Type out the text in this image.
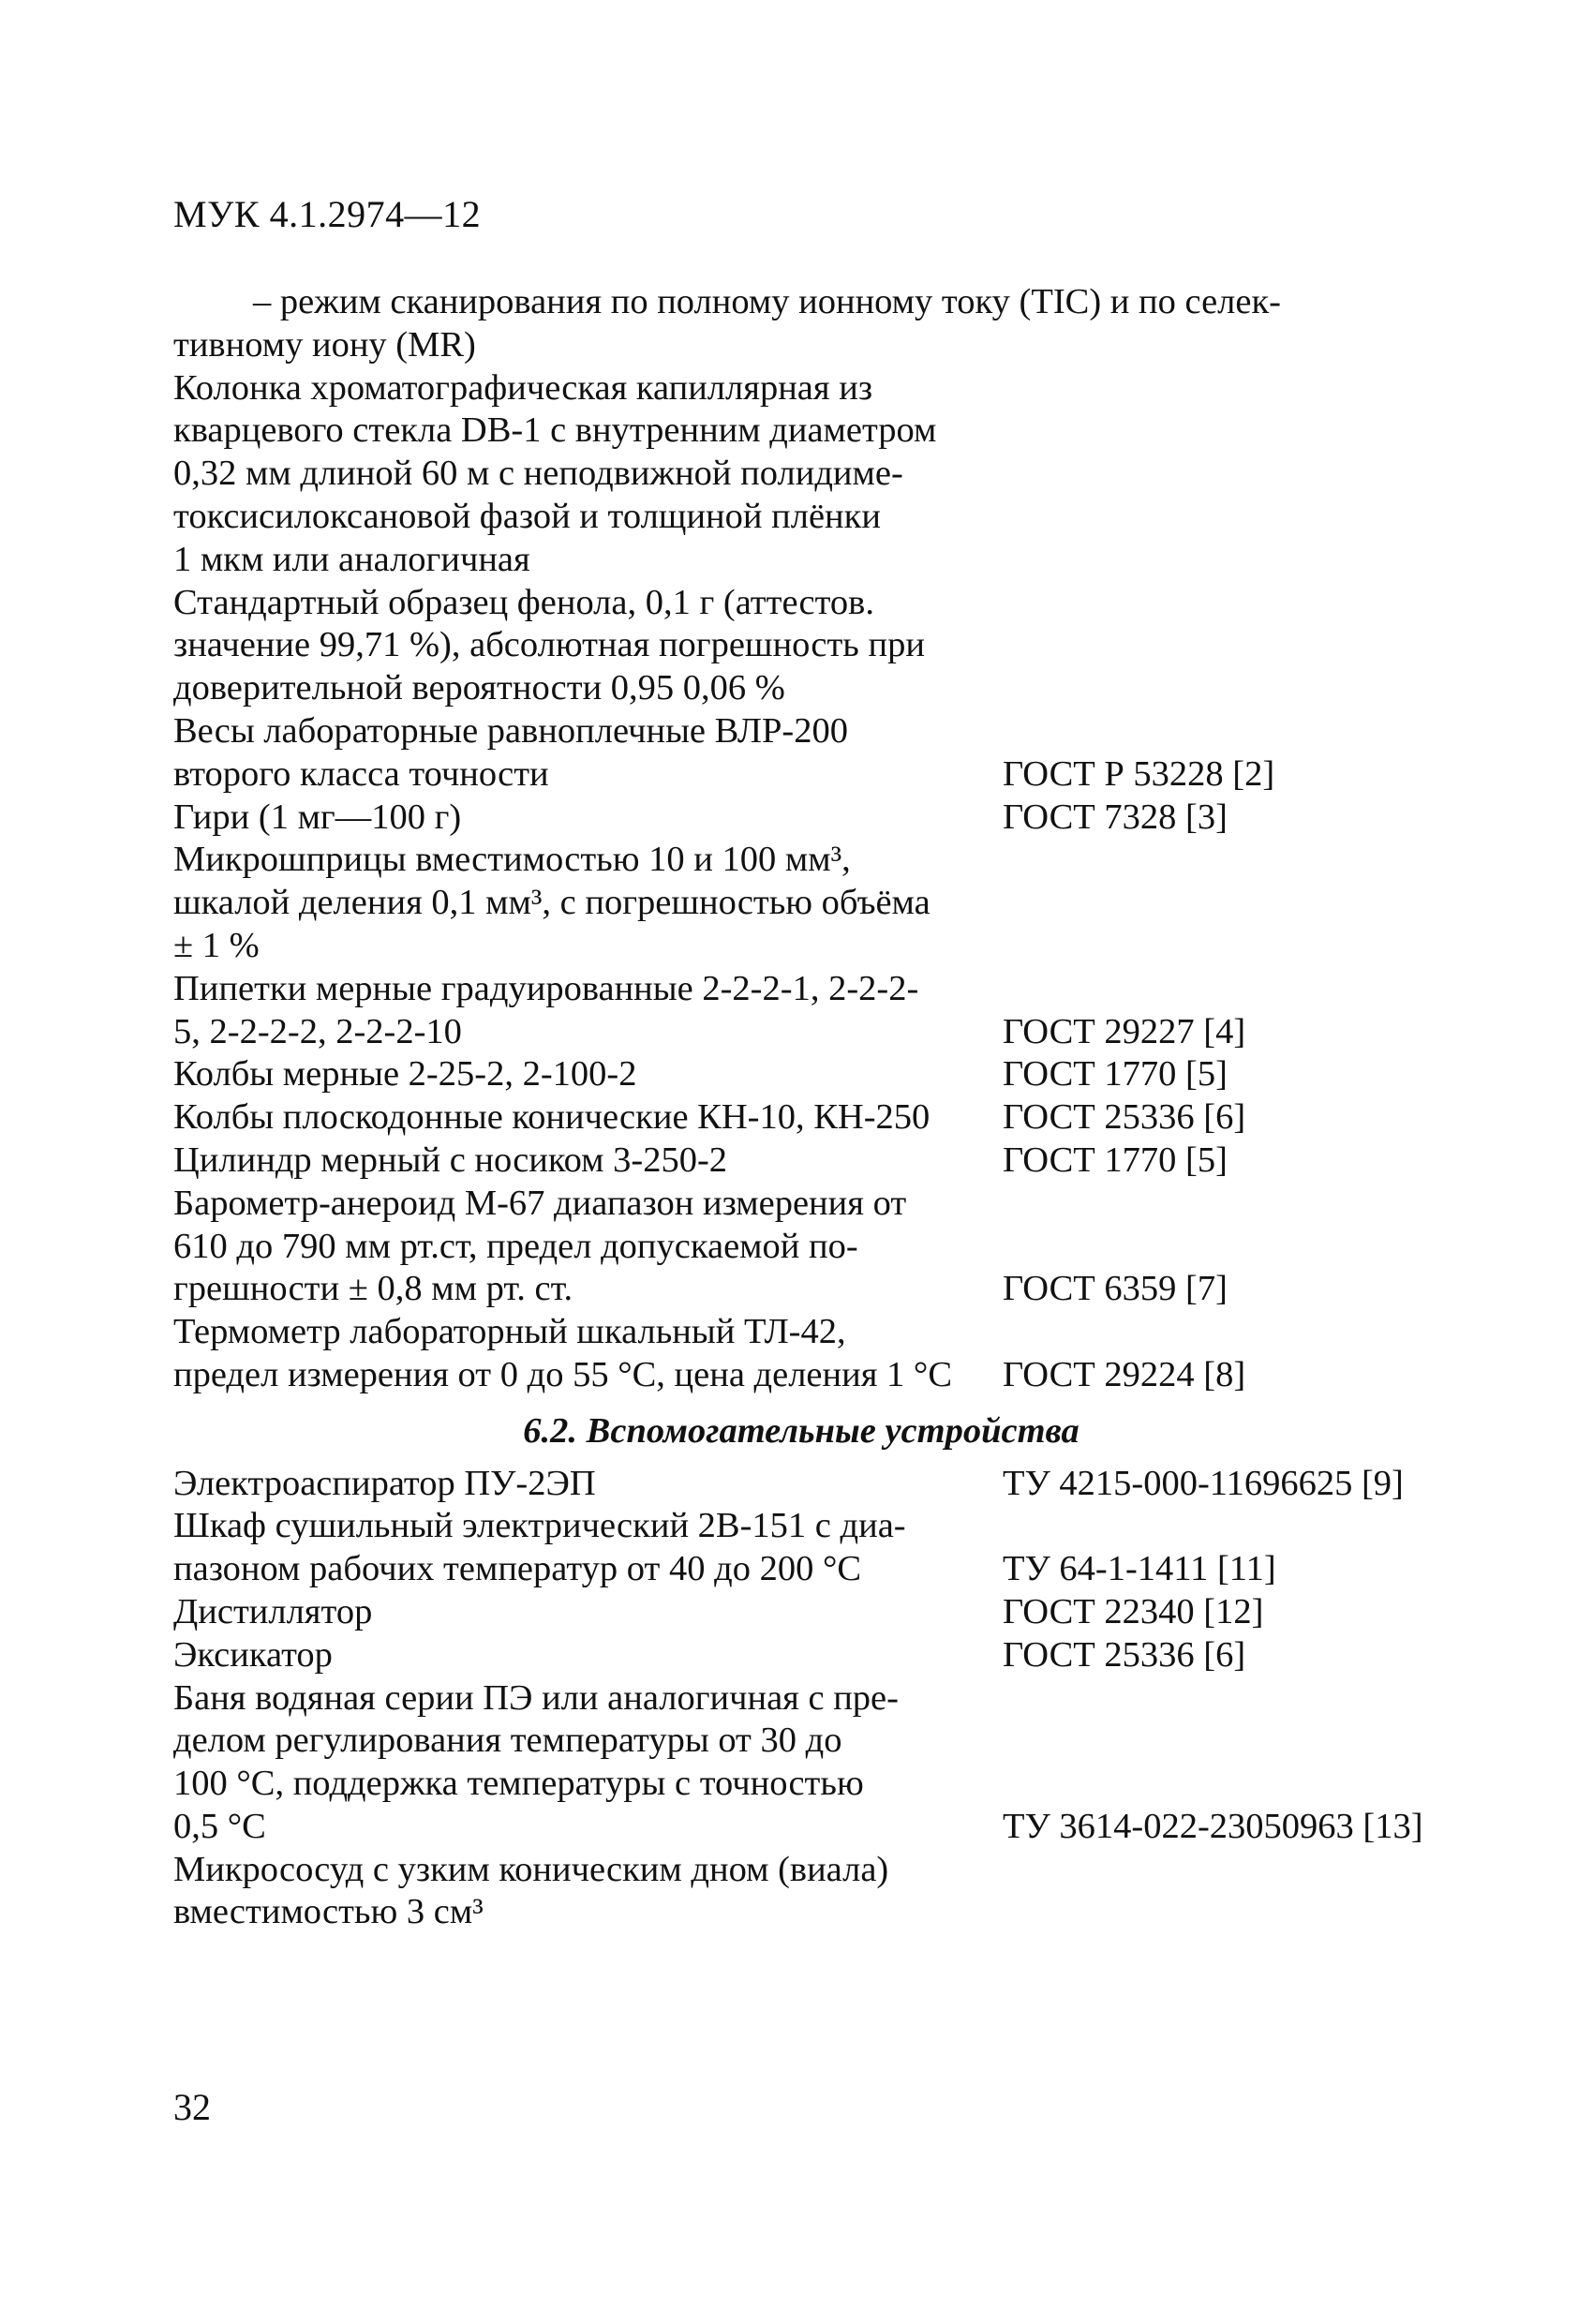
МУК 4.1.2974—12
– режим сканирования по полному ионному току (TIC) и по селек-
тивному иону (MR)
Колонка хроматографическая капиллярная из
кварцевого стекла DB-1 с внутренним диаметром
0,32 мм длиной 60 м с неподвижной полидиме-
токсисилоксановой фазой и толщиной плёнки
1 мкм или аналогичная
Стандартный образец фенола, 0,1 г (аттестов.
значение 99,71 %), абсолютная погрешность при
доверительной вероятности 0,95 0,06 %
Весы лабораторные равноплечные ВЛР-200
второго класса точности	ГОСТ Р 53228 [2]
Гири (1 мг—100 г)	ГОСТ 7328 [3]
Микрошприцы вместимостью 10 и 100 мм³,
шкалой деления 0,1 мм³, с погрешностью объёма
± 1 %
Пипетки мерные градуированные 2-2-2-1, 2-2-2-
5, 2-2-2-2, 2-2-2-10	ГОСТ 29227 [4]
Колбы мерные 2-25-2, 2-100-2	ГОСТ 1770 [5]
Колбы плоскодонные конические КН-10, КН-250	ГОСТ 25336 [6]
Цилиндр мерный с носиком 3-250-2	ГОСТ 1770 [5]
Барометр-анероид М-67 диапазон измерения от
610 до 790 мм рт.ст, предел допускаемой по-
грешности ± 0,8 мм рт. ст.	ГОСТ 6359 [7]
Термометр лабораторный шкальный ТЛ-42,
предел измерения от 0 до 55 °С, цена деления 1 °С	ГОСТ 29224 [8]
6.2. Вспомогательные устройства
Электроаспиратор ПУ-2ЭП	ТУ 4215-000-11696625 [9]
Шкаф сушильный электрический 2В-151 с диа-
пазоном рабочих температур от 40 до 200 °С	ТУ 64-1-1411 [11]
Дистиллятор	ГОСТ 22340 [12]
Эксикатор	ГОСТ 25336 [6]
Баня водяная серии ПЭ или аналогичная с пре-
делом регулирования температуры от 30 до
100 °С, поддержка температуры с точностью
0,5 °С	ТУ 3614-022-23050963 [13]
Микрососуд с узким коническим дном (виала)
вместимостью 3 см³
32
